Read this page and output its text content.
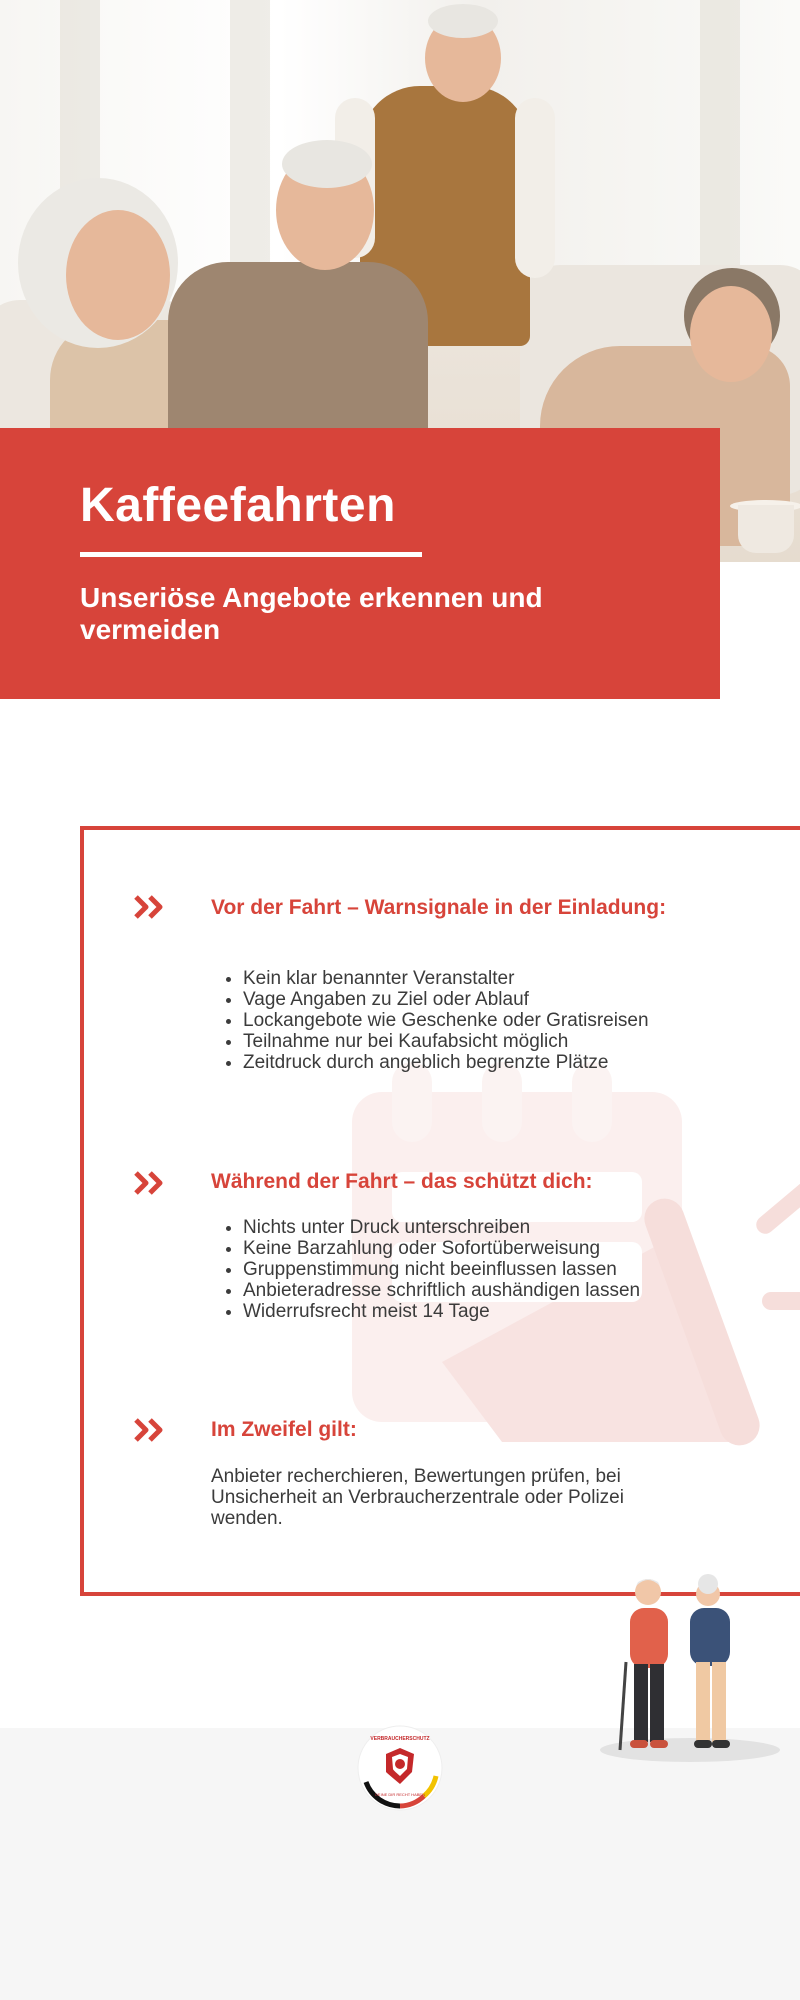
Kaffeefahrten

Unseriöse Angebote erkennen und vermeiden

Vor der Fahrt – Warnsignale in der Einladung:
• Kein klar benannter Veranstalter
• Vage Angaben zu Ziel oder Ablauf
• Lockangebote wie Geschenke oder Gratisreisen
• Teilnahme nur bei Kaufabsicht möglich
• Zeitdruck durch angeblich begrenzte Plätze
Während der Fahrt – das schützt dich:
• Nichts unter Druck unterschreiben
• Keine Barzahlung oder Sofortüberweisung
• Gruppenstimmung nicht beeinflussen lassen
• Anbieteradresse schriftlich aushändigen lassen
• Widerrufsrecht meist 14 Tage
Im Zweifel gilt:

Anbieter recherchieren, Bewertungen prüfen, bei Unsicherheit an Verbraucherzentrale oder Polizei wenden.

VERBRAUCHERSCHUTZ
DEINE DIR RECHT HABEN
